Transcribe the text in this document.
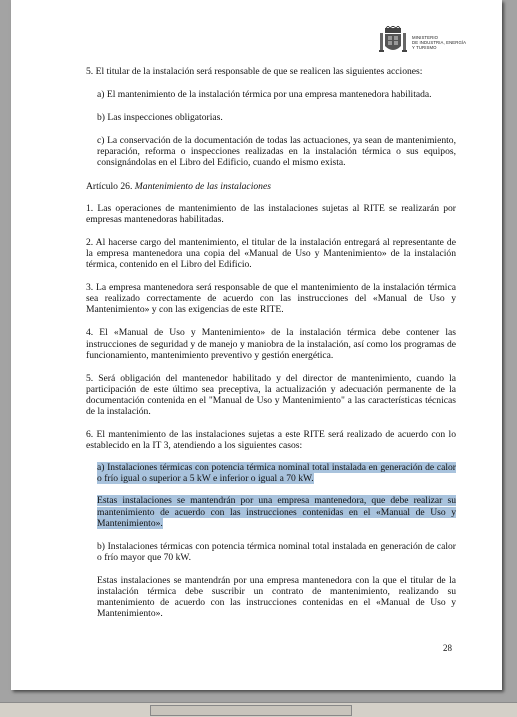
MINISTERIO
DE INDUSTRIA, ENERGÍA
Y TURISMO

5. El titular de la instalación será responsable de que se realicen las siguientes acciones:

a) El mantenimiento de la instalación térmica por una empresa mantenedora habilitada.

b) Las inspecciones obligatorias.

c) La conservación de la documentación de todas las actuaciones, ya sean de mantenimiento, reparación, reforma o inspecciones realizadas en la instalación térmica o sus equipos, consignándolas en el Libro del Edificio, cuando el mismo exista.

Artículo 26. Mantenimiento de las instalaciones

1. Las operaciones de mantenimiento de las instalaciones sujetas al RITE se realizarán por empresas mantenedoras habilitadas.

2. Al hacerse cargo del mantenimiento, el titular de la instalación entregará al representante de la empresa mantenedora una copia del «Manual de Uso y Mantenimiento» de la instalación térmica, contenido en el Libro del Edificio.

3. La empresa mantenedora será responsable de que el mantenimiento de la instalación térmica sea realizado correctamente de acuerdo con las instrucciones del «Manual de Uso y Mantenimiento» y con las exigencias de este RITE.

4. El «Manual de Uso y Mantenimiento» de la instalación térmica debe contener las instrucciones de seguridad y de manejo y maniobra de la instalación, así como los programas de funcionamiento, mantenimiento preventivo y gestión energética.

5. Será obligación del mantenedor habilitado y del director de mantenimiento, cuando la participación de este último sea preceptiva, la actualización y adecuación permanente de la documentación contenida en el "Manual de Uso y Mantenimiento" a las características técnicas de la instalación.

6. El mantenimiento de las instalaciones sujetas a este RITE será realizado de acuerdo con lo establecido en la IT 3, atendiendo a los siguientes casos:

a) Instalaciones térmicas con potencia térmica nominal total instalada en generación de calor o frío igual o superior a 5 kW e inferior o igual a 70 kW.

Estas instalaciones se mantendrán por una empresa mantenedora, que debe realizar su mantenimiento de acuerdo con las instrucciones contenidas en el «Manual de Uso y Mantenimiento».

b) Instalaciones térmicas con potencia térmica nominal total instalada en generación de calor o frío mayor que 70 kW.

Estas instalaciones se mantendrán por una empresa mantenedora con la que el titular de la instalación térmica debe suscribir un contrato de mantenimiento, realizando su mantenimiento de acuerdo con las instrucciones contenidas en el «Manual de Uso y Mantenimiento».

28
